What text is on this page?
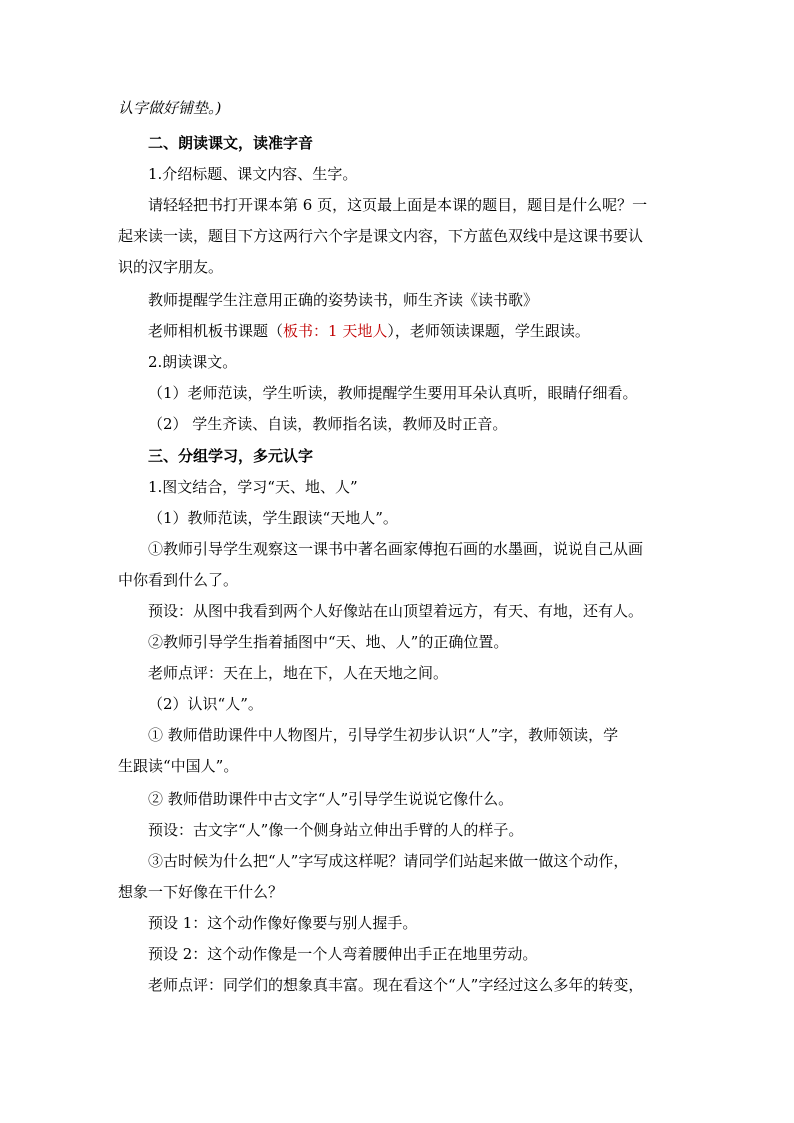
认字做好铺垫。)
二、朗读课文，读准字音
1.介绍标题、课文内容、生字。
请轻轻把书打开课本第 6 页，这页最上面是本课的题目，题目是什么呢？一
起来读一读，题目下方这两行六个字是课文内容，下方蓝色双线中是这课书要认
识的汉字朋友。
教师提醒学生注意用正确的姿势读书，师生齐读《读书歌》
老师相机板书课题（板书：1 天地人），老师领读课题，学生跟读。
2.朗读课文。
（1）老师范读，学生听读，教师提醒学生要用耳朵认真听，眼睛仔细看。
（2） 学生齐读、自读，教师指名读，教师及时正音。
三、分组学习，多元认字
1.图文结合，学习“天、地、人”
（1）教师范读，学生跟读“天地人”。
①教师引导学生观察这一课书中著名画家傅抱石画的水墨画，说说自己从画
中你看到什么了。
预设：从图中我看到两个人好像站在山顶望着远方，有天、有地，还有人。
②教师引导学生指着插图中“天、地、人”的正确位置。
老师点评：天在上，地在下，人在天地之间。
（2）认识“人”。
① 教师借助课件中人物图片，引导学生初步认识“人”字，教师领读，学
生跟读“中国人”。
② 教师借助课件中古文字“人”引导学生说说它像什么。
预设：古文字“人”像一个侧身站立伸出手臂的人的样子。
③古时候为什么把“人”字写成这样呢？请同学们站起来做一做这个动作，
想象一下好像在干什么？
预设 1：这个动作像好像要与别人握手。
预设 2：这个动作像是一个人弯着腰伸出手正在地里劳动。
老师点评：同学们的想象真丰富。现在看这个“人”字经过这么多年的转变，
